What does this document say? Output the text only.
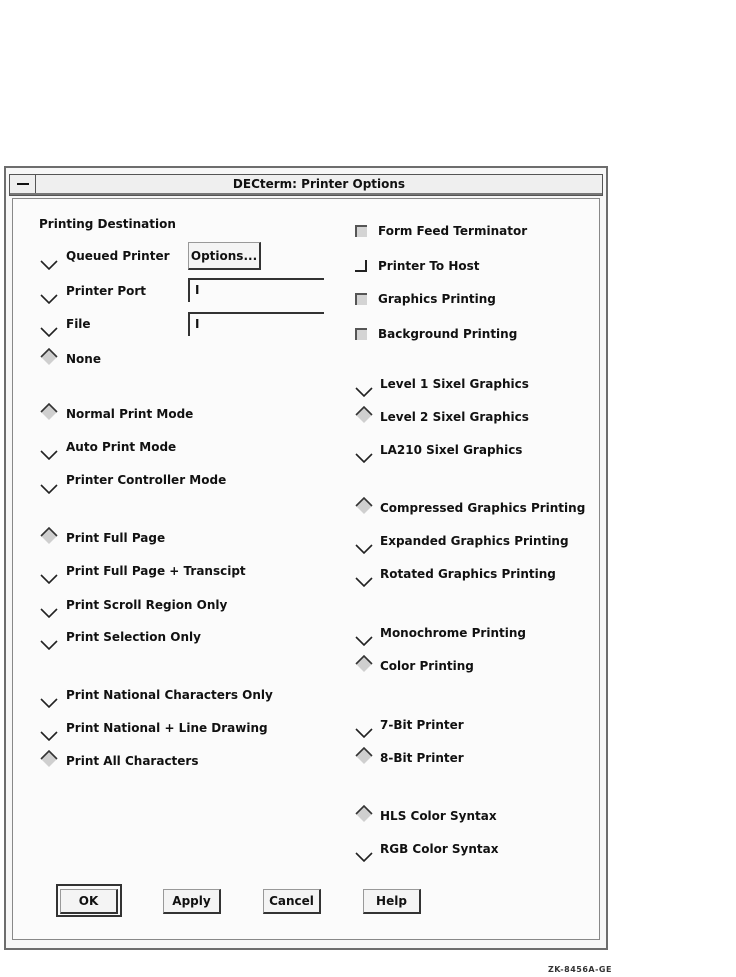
DECterm: Printer Options
Printing Destination
Queued Printer Options...
Printer Port	I
File	I
None
Normal Print Mode
Auto Print Mode
Printer Controller Mode
Print Full Page
Print Full Page + Transcipt
Print Scroll Region Only
Print Selection Only
Print National Characters Only
Print National + Line Drawing
Print All Characters
Form Feed Terminator
Printer To Host
Graphics Printing
Background Printing
Level 1 Sixel Graphics
Level 2 Sixel Graphics
LA210 Sixel Graphics
Compressed Graphics Printing
Expanded Graphics Printing
Rotated Graphics Printing
Monochrome Printing
Color Printing
7-Bit Printer
8-Bit Printer
HLS Color Syntax
RGB Color Syntax
OK	Apply	Cancel	Help
ZK-8456A-GE
